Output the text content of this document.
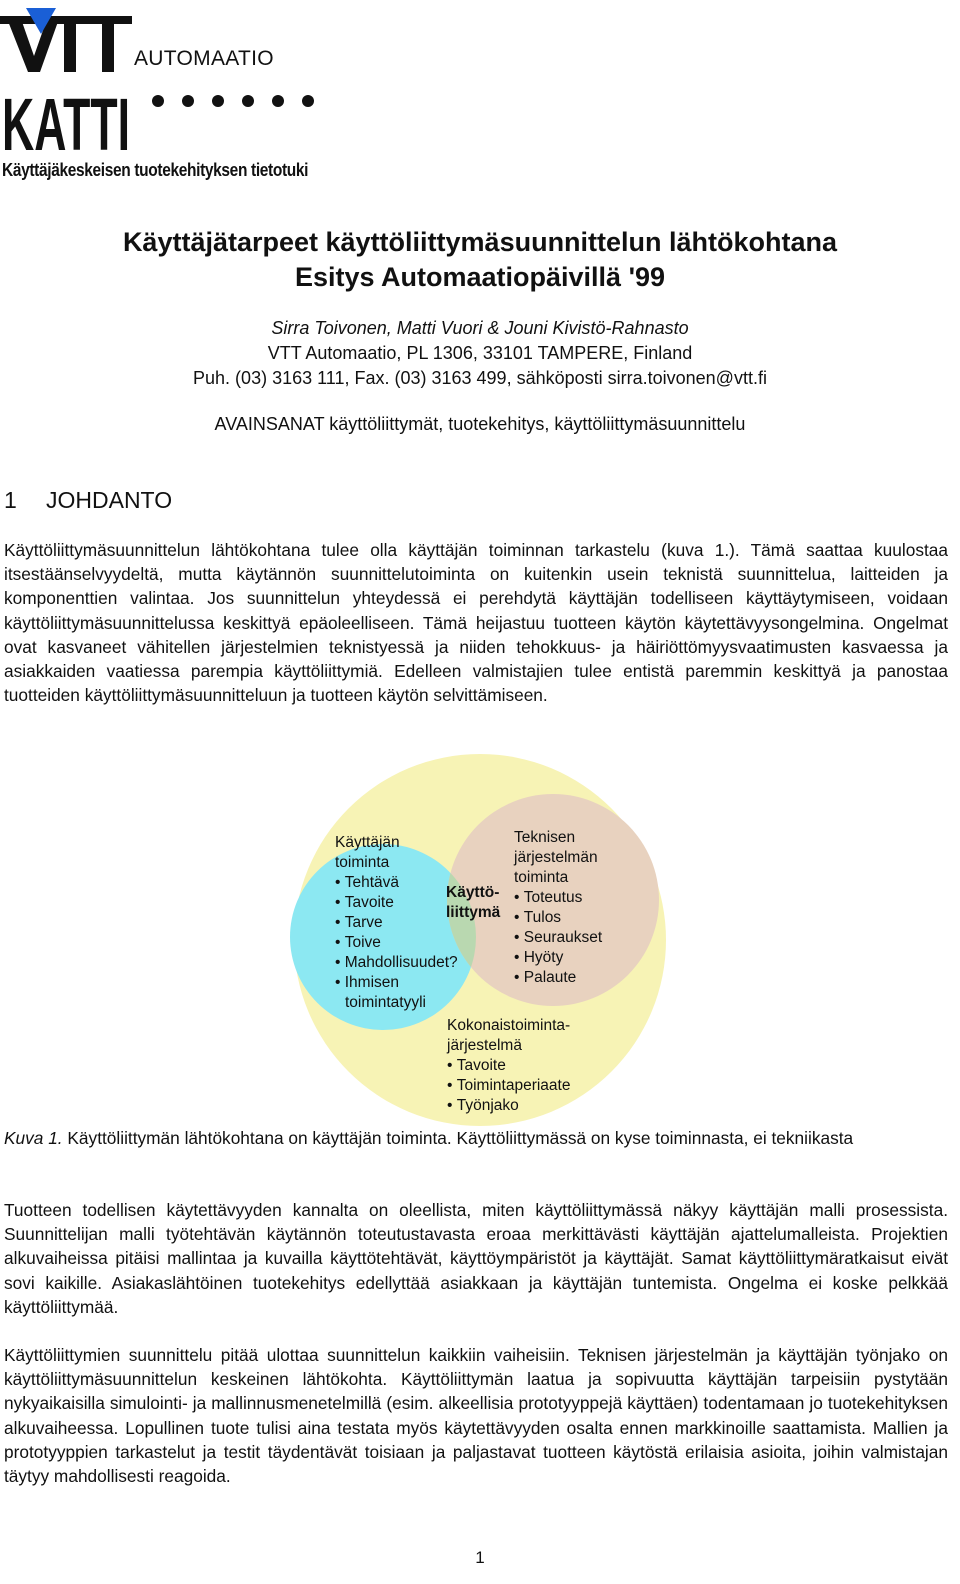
AUTOMAATIO
KATTI
Käyttäjäkeskeisen tuotekehityksen tietotuki
Käyttäjätarpeet käyttöliittymäsuunnittelun lähtökohtana
Esitys Automaatiopäivillä '99
Sirra Toivonen, Matti Vuori & Jouni Kivistö-Rahnasto
VTT Automaatio, PL 1306, 33101 TAMPERE, Finland
Puh. (03) 3163 111, Fax. (03) 3163 499, sähköposti sirra.toivonen@vtt.fi
AVAINSANAT käyttöliittymät, tuotekehitys, käyttöliittymäsuunnittelu
1 JOHDANTO

Käyttöliittymäsuunnittelun lähtökohtana tulee olla käyttäjän toiminnan tarkastelu (kuva 1.). Tämä saattaa kuulostaa itsestäänselvyydeltä, mutta käytännön suunnittelutoiminta on kuitenkin usein teknistä suunnittelua, laitteiden ja komponenttien valintaa. Jos suunnittelun yhteydessä ei perehdytä käyttäjän todelliseen käyttäytymiseen, voidaan käyttöliittymäsuunnittelussa keskittyä epäoleelliseen. Tämä heijastuu tuotteen käytön käytettävyysongelmina. Ongelmat ovat kasvaneet vähitellen järjestelmien teknistyessä ja niiden tehokkuus- ja häiriöttömyysvaatimusten kasvaessa ja asiakkaiden vaatiessa parempia käyttöliittymiä. Edelleen valmistajien tulee entistä paremmin keskittyä ja panostaa tuotteiden käyttöliittymäsuunnitteluun ja tuotteen käytön selvittämiseen.

Käyttäjän
toiminta
• Tehtävä
• Tavoite
• Tarve
• Toive
• Mahdollisuudet?
• Ihmisen
toimintatyyli
Teknisen
järjestelmän
toiminta
• Toteutus
• Tulos
• Seuraukset
• Hyöty
• Palaute
Käyttö-
liittymä
Kokonaistoiminta-
järjestelmä
• Tavoite
• Toimintaperiaate
• Työnjako
Kuva 1. Käyttöliittymän lähtökohtana on käyttäjän toiminta. Käyttöliittymässä on kyse toiminnasta, ei tekniikasta

Tuotteen todellisen käytettävyyden kannalta on oleellista, miten käyttöliittymässä näkyy käyttäjän malli prosessista. Suunnittelijan malli työtehtävän käytännön toteutustavasta eroaa merkittävästi käyttäjän ajattelumalleista. Projektien alkuvaiheissa pitäisi mallintaa ja kuvailla käyttötehtävät, käyttöympäristöt ja käyttäjät. Samat käyttöliittymäratkaisut eivät sovi kaikille. Asiakaslähtöinen tuotekehitys edellyttää asiakkaan ja käyttäjän tuntemista. Ongelma ei koske pelkkää käyttöliittymää.

Käyttöliittymien suunnittelu pitää ulottaa suunnittelun kaikkiin vaiheisiin. Teknisen järjestelmän ja käyttäjän työnjako on käyttöliittymäsuunnittelun keskeinen lähtökohta. Käyttöliittymän laatua ja sopivuutta käyttäjän tarpeisiin pystytään nykyaikaisilla simulointi- ja mallinnusmenetelmillä (esim. alkeellisia prototyyppejä käyttäen) todentamaan jo tuotekehityksen alkuvaiheessa. Lopullinen tuote tulisi aina testata myös käytettävyyden osalta ennen markkinoille saattamista. Mallien ja prototyyppien tarkastelut ja testit täydentävät toisiaan ja paljastavat tuotteen käytöstä erilaisia asioita, joihin valmistajan täytyy mahdollisesti reagoida.

1
